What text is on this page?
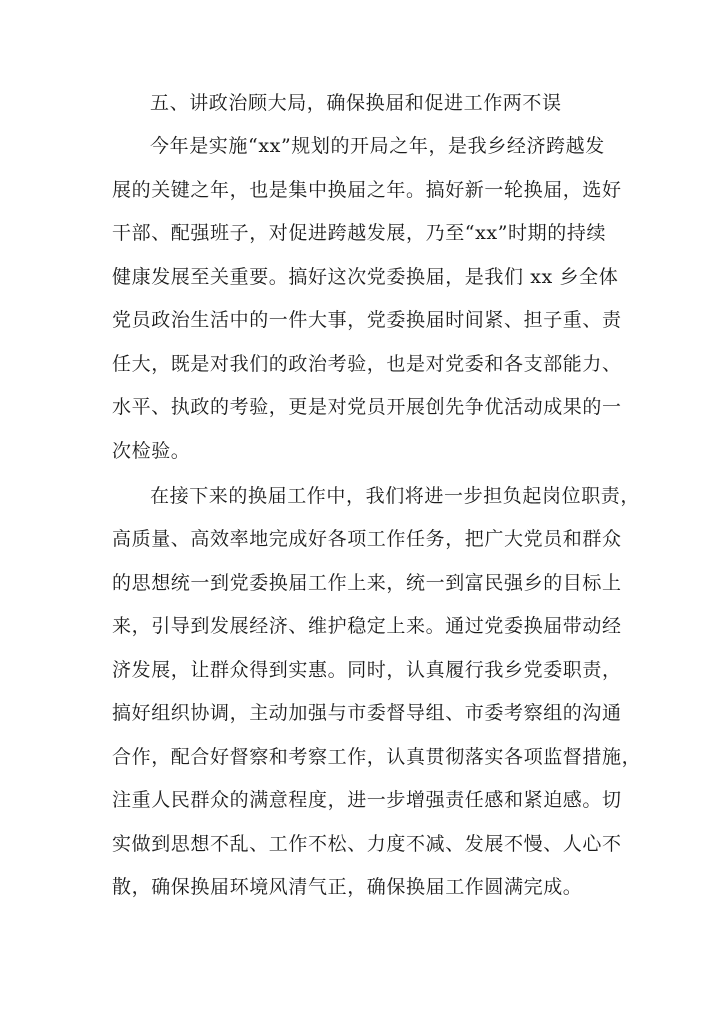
五、讲政治顾大局，确保换届和促进工作两不误
今年是实施“xx”规划的开局之年，是我乡经济跨越发
展的关键之年，也是集中换届之年。搞好新一轮换届，选好
干部、配强班子，对促进跨越发展，乃至“xx”时期的持续
健康发展至关重要。搞好这次党委换届，是我们 xx 乡全体
党员政治生活中的一件大事，党委换届时间紧、担子重、责
任大，既是对我们的政治考验，也是对党委和各支部能力、
水平、执政的考验，更是对党员开展创先争优活动成果的一
次检验。
在接下来的换届工作中，我们将进一步担负起岗位职责，
高质量、高效率地完成好各项工作任务，把广大党员和群众
的思想统一到党委换届工作上来，统一到富民强乡的目标上
来，引导到发展经济、维护稳定上来。通过党委换届带动经
济发展，让群众得到实惠。同时，认真履行我乡党委职责，
搞好组织协调，主动加强与市委督导组、市委考察组的沟通
合作，配合好督察和考察工作，认真贯彻落实各项监督措施，
注重人民群众的满意程度，进一步增强责任感和紧迫感。切
实做到思想不乱、工作不松、力度不减、发展不慢、人心不
散，确保换届环境风清气正，确保换届工作圆满完成。
